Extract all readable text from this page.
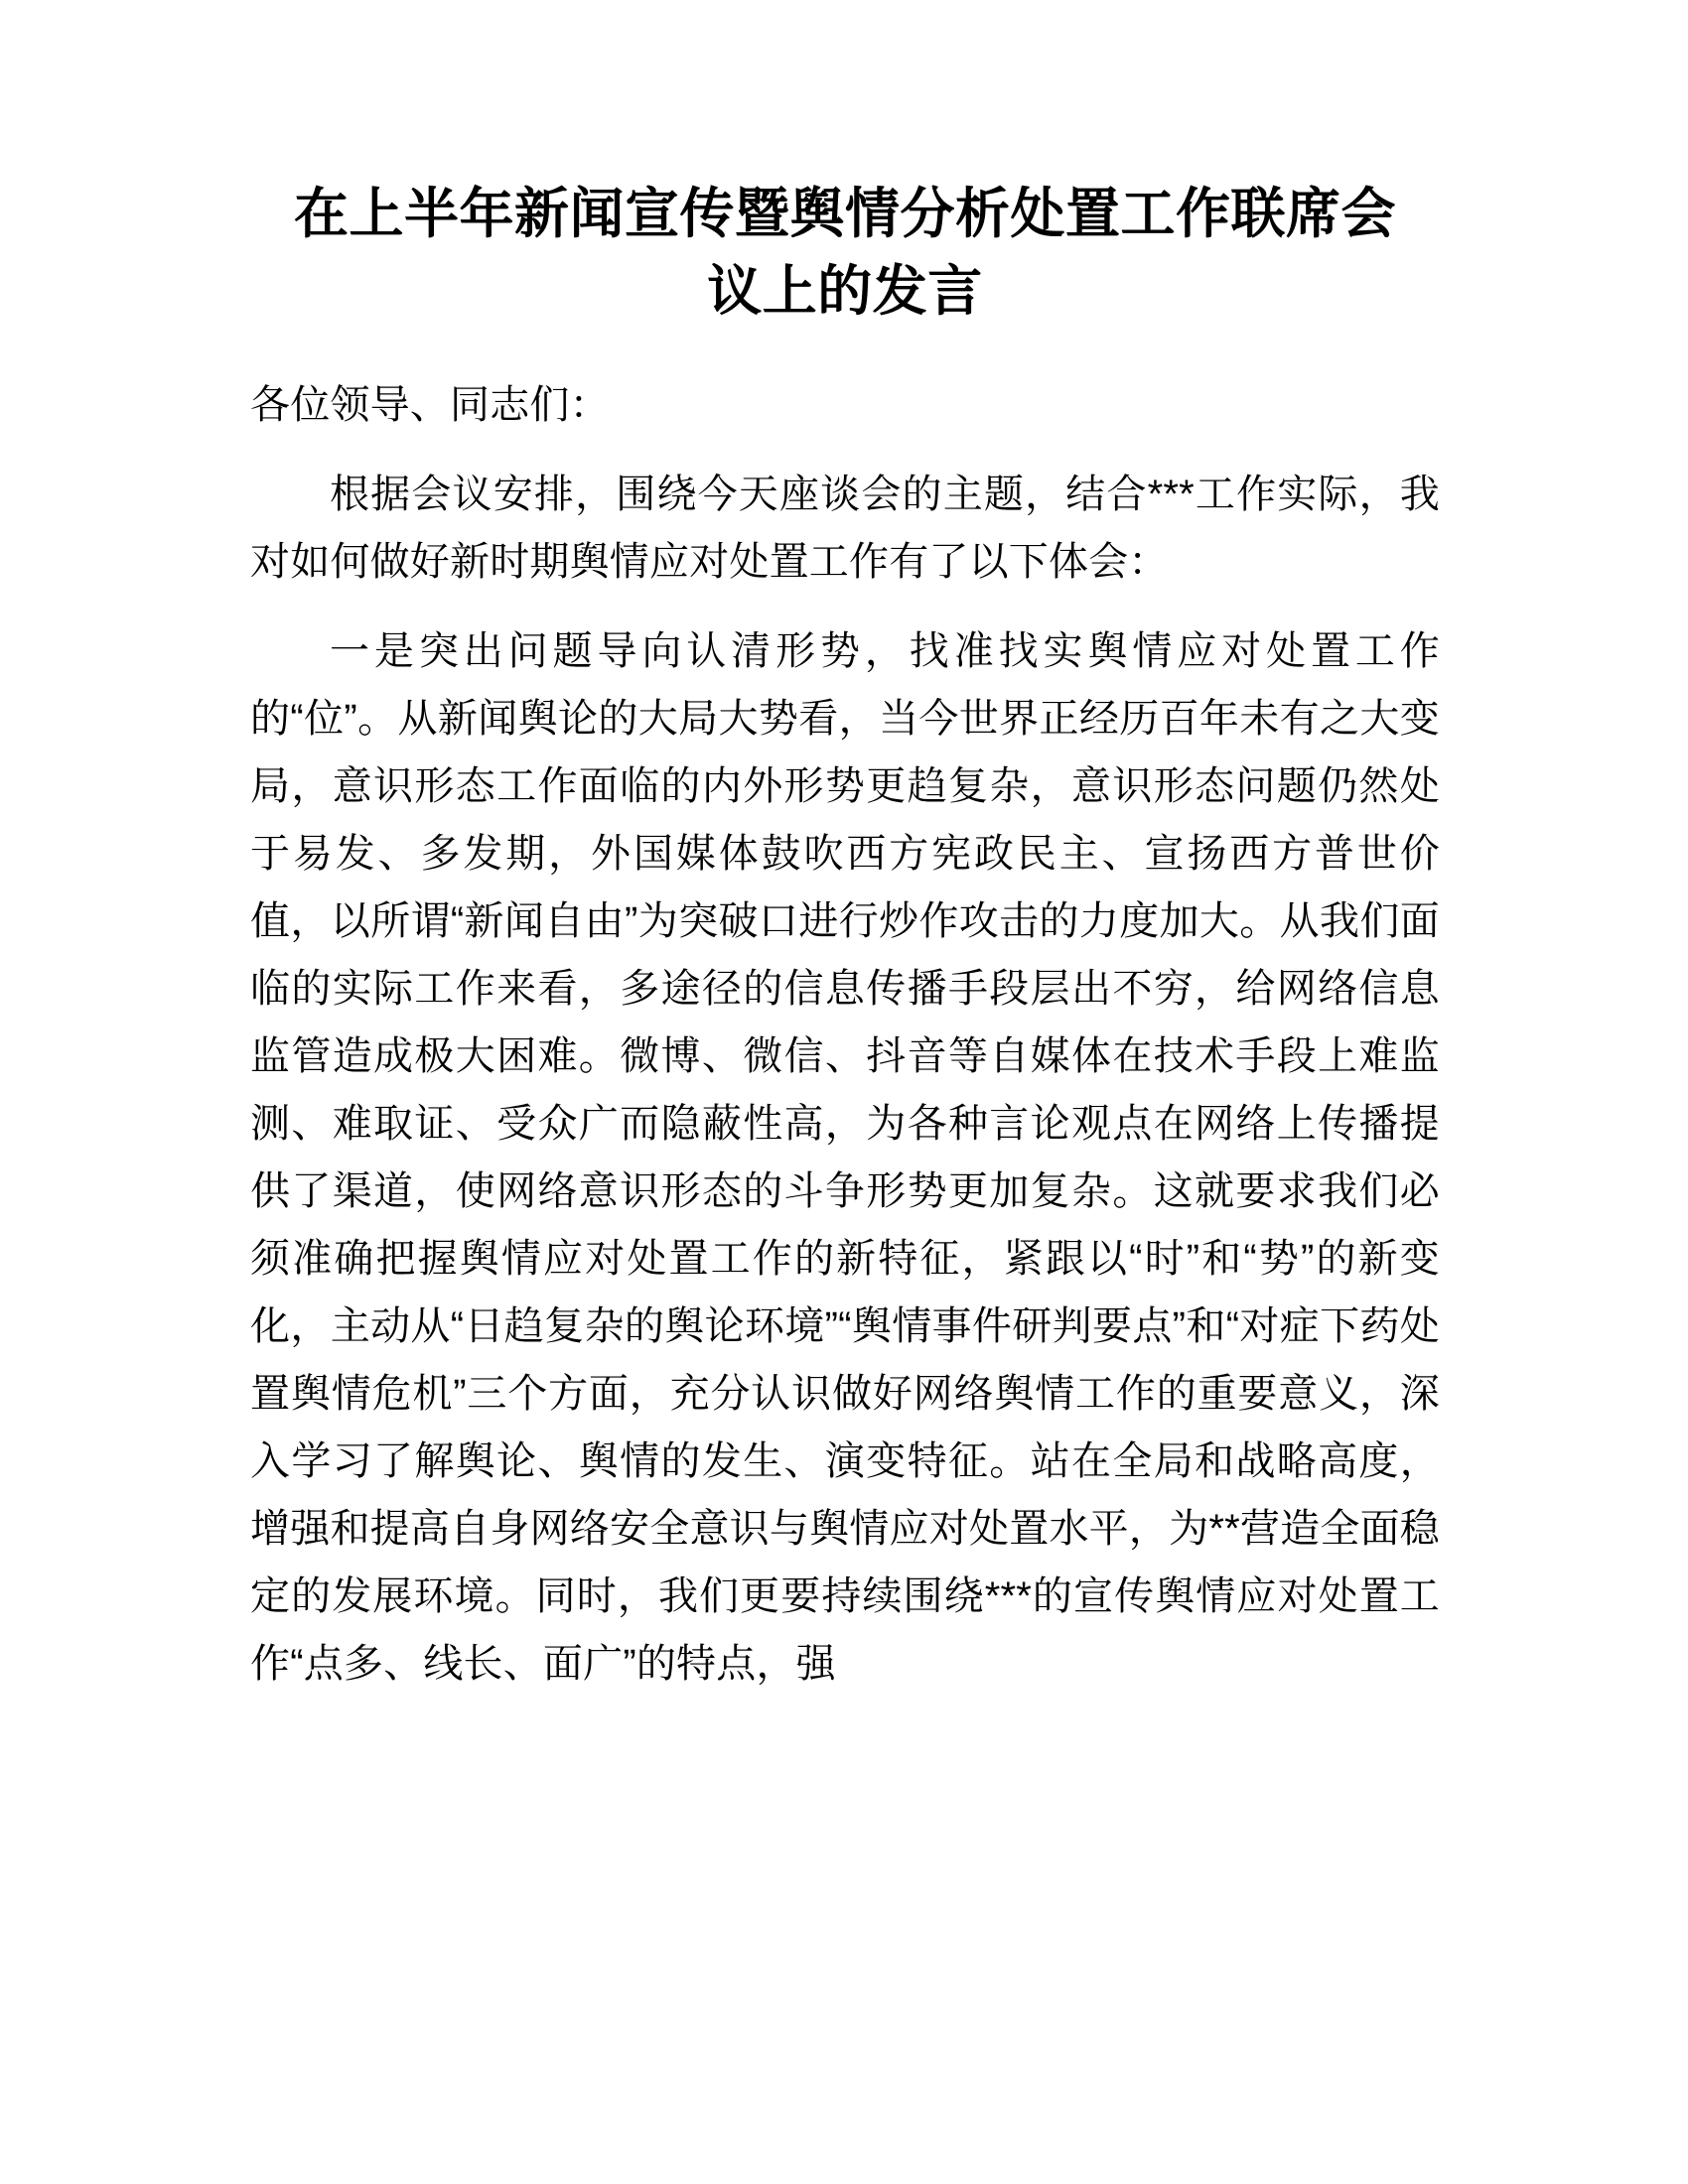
在上半年新闻宣传暨舆情分析处置工作联席会
议上的发言

各位领导、同志们：

根据会议安排，围绕今天座谈会的主题，结合***工作实际，我对如何做好新时期舆情应对处置工作有了以下体会：

一是突出问题导向认清形势，找准找实舆情应对处置工作的“位”。从新闻舆论的大局大势看，当今世界正经历百年未有之大变局，意识形态工作面临的内外形势更趋复杂，意识形态问题仍然处于易发、多发期，外国媒体鼓吹西方宪政民主、宣扬西方普世价值，以所谓“新闻自由”为突破口进行炒作攻击的力度加大。从我们面临的实际工作来看，多途径的信息传播手段层出不穷，给网络信息监管造成极大困难。微博、微信、抖音等自媒体在技术手段上难监测、难取证、受众广而隐蔽性高，为各种言论观点在网络上传播提供了渠道，使网络意识形态的斗争形势更加复杂。这就要求我们必须准确把握舆情应对处置工作的新特征，紧跟以“时”和“势”的新变化，主动从“日趋复杂的舆论环境”“舆情事件研判要点”和“对症下药处置舆情危机”三个方面，充分认识做好网络舆情工作的重要意义，深入学习了解舆论、舆情的发生、演变特征。站在全局和战略高度，增强和提高自身网络安全意识与舆情应对处置水平，为**营造全面稳定的发展环境。同时，我们更要持续围绕***的宣传舆情应对处置工作“点多、线长、面广”的特点，强
